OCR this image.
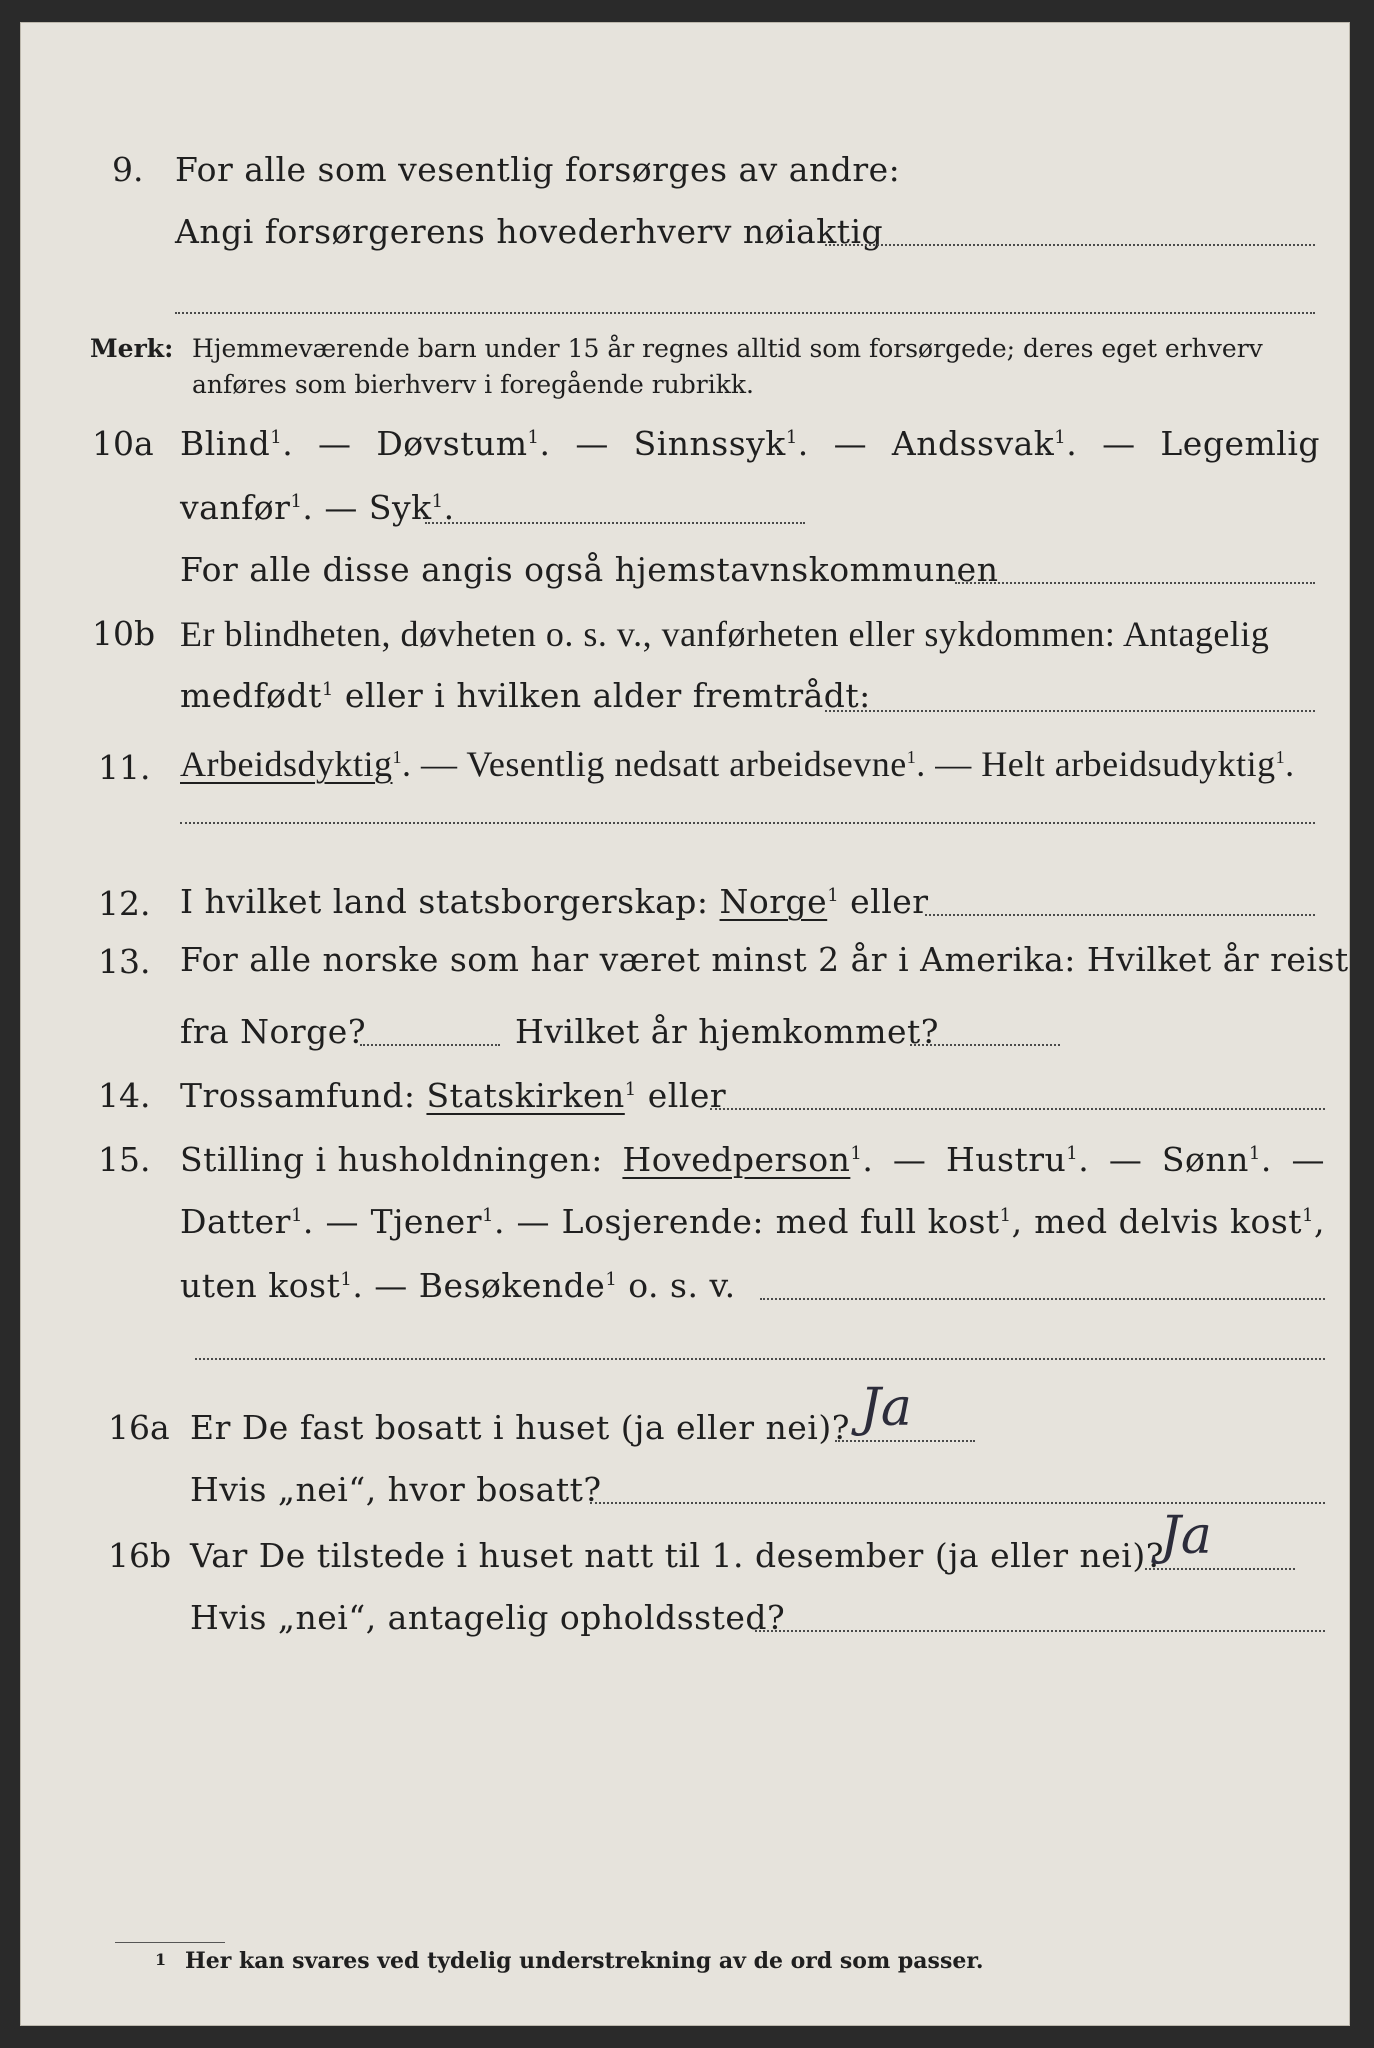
9. For alle som vesentlig forsørges av andre:
Angi forsørgerens hovederhverv nøiaktig
Merk: Hjemmeværende barn under 15 år regnes alltid som forsørgede; deres eget erhverv
anføres som bierhverv i foregående rubrikk.
10a Blind$^1$. — Døvstum$^1$. — Sinnssyk$^1$. — Andssvak$^1$. — Legemlig
vanfør$^1$. — Syk$^1$.
For alle disse angis også hjemstavnskommunen
10b Er blindheten, døvheten o. s. v., vanførheten eller sykdommen: Antagelig
medfødt$^1$ eller i hvilken alder fremtrådt:
11. Arbeidsdyktig$^1$. — Vesentlig nedsatt arbeidsevne$^1$. — Helt arbeidsudyktig$^1$.
12. I hvilket land statsborgerskap: Norge$^1$ eller
13. For alle norske som har været minst 2 år i Amerika: Hvilket år reist
fra Norge?	Hvilket år hjemkommet?
14. Trossamfund: Statskirken$^1$ eller
15. Stilling i husholdningen: Hovedperson$^1$. — Hustru$^1$. — Sønn$^1$. —
Datter$^1$. — Tjener$^1$. — Losjerende: med full kost$^1$, med delvis kost$^1$,
uten kost$^1$. — Besøkende$^1$ o. s. v.
16a Er De fast bosatt i huset (ja eller nei)? Ja
Hvis „nei“, hvor bosatt?
16b Var De tilstede i huset natt til 1. desember (ja eller nei)?
Ja
Hvis „nei“, antagelig opholdssted?
1 Her kan svares ved tydelig understrekning av de ord som passer.
